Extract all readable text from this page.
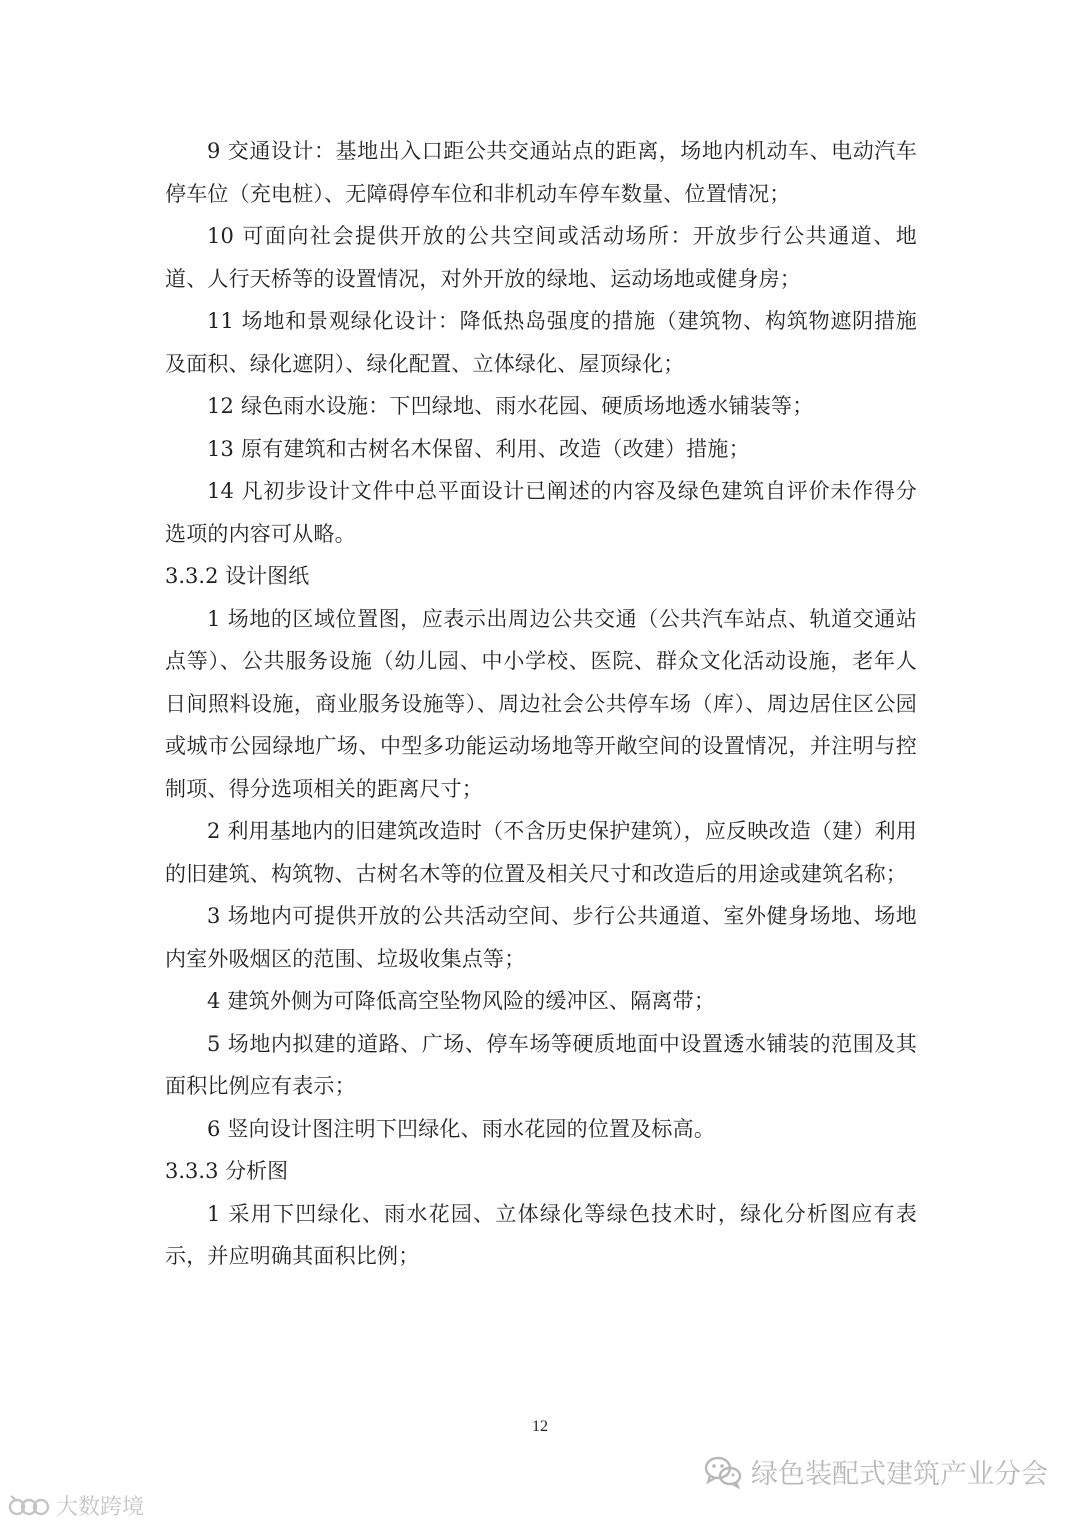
9 交通设计：基地出入口距公共交通站点的距离，场地内机动车、电动汽车停车位（充电桩）、无障碍停车位和非机动车停车数量、位置情况；

10 可面向社会提供开放的公共空间或活动场所：开放步行公共通道、地道、人行天桥等的设置情况，对外开放的绿地、运动场地或健身房；

11 场地和景观绿化设计：降低热岛强度的措施（建筑物、构筑物遮阴措施及面积、绿化遮阴）、绿化配置、立体绿化、屋顶绿化；

12 绿色雨水设施：下凹绿地、雨水花园、硬质场地透水铺装等；

13 原有建筑和古树名木保留、利用、改造（改建）措施；

14 凡初步设计文件中总平面设计已阐述的内容及绿色建筑自评价未作得分选项的内容可从略。

3.3.2 设计图纸

1 场地的区域位置图，应表示出周边公共交通（公共汽车站点、轨道交通站点等）、公共服务设施（幼儿园、中小学校、医院、群众文化活动设施，老年人日间照料设施，商业服务设施等）、周边社会公共停车场（库）、周边居住区公园或城市公园绿地广场、中型多功能运动场地等开敞空间的设置情况，并注明与控制项、得分选项相关的距离尺寸；

2 利用基地内的旧建筑改造时（不含历史保护建筑），应反映改造（建）利用的旧建筑、构筑物、古树名木等的位置及相关尺寸和改造后的用途或建筑名称；

3 场地内可提供开放的公共活动空间、步行公共通道、室外健身场地、场地内室外吸烟区的范围、垃圾收集点等；

4 建筑外侧为可降低高空坠物风险的缓冲区、隔离带；

5 场地内拟建的道路、广场、停车场等硬质地面中设置透水铺装的范围及其面积比例应有表示；

6 竖向设计图注明下凹绿化、雨水花园的位置及标高。

3.3.3 分析图

1 采用下凹绿化、雨水花园、立体绿化等绿色技术时，绿化分析图应有表示，并应明确其面积比例；

12
绿色装配式建筑产业分会
大数跨境
